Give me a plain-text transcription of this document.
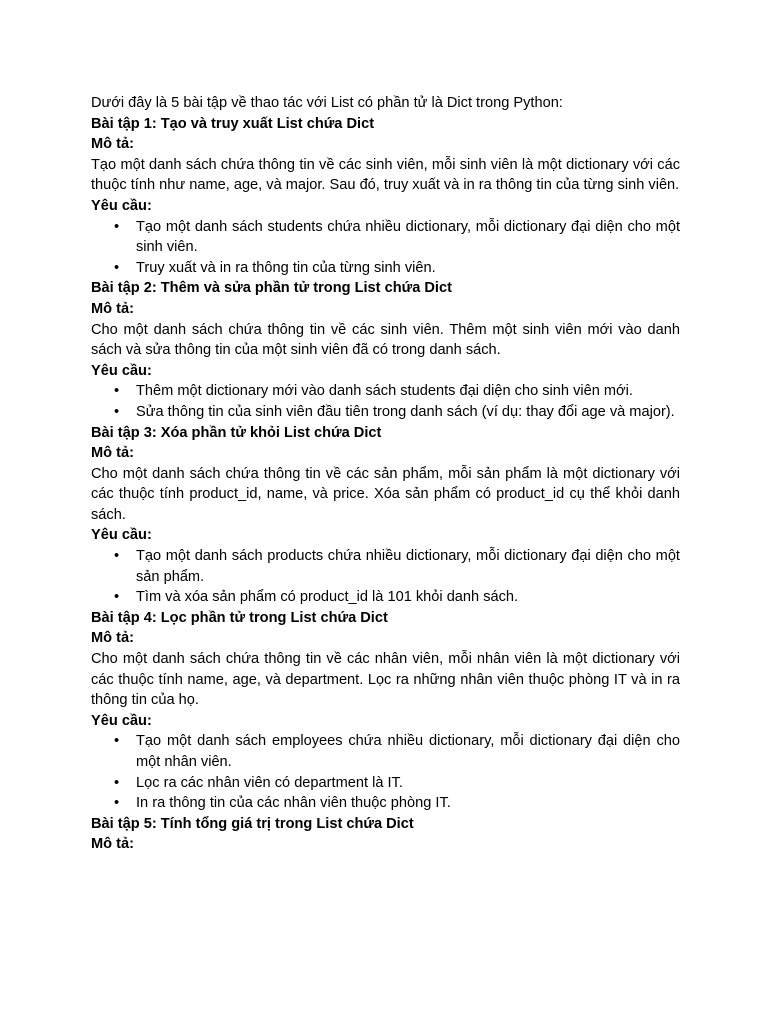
Dưới đây là 5 bài tập về thao tác với List có phần tử là Dict trong Python:

Bài tập 1: Tạo và truy xuất List chứa Dict

Mô tả:

Tạo một danh sách chứa thông tin về các sinh viên, mỗi sinh viên là một dictionary với các thuộc tính như name, age, và major. Sau đó, truy xuất và in ra thông tin của từng sinh viên.

Yêu cầu:

• Tạo một danh sách students chứa nhiều dictionary, mỗi dictionary đại diện cho một sinh viên.
• Truy xuất và in ra thông tin của từng sinh viên.

Bài tập 2: Thêm và sửa phần tử trong List chứa Dict

Mô tả:

Cho một danh sách chứa thông tin về các sinh viên. Thêm một sinh viên mới vào danh sách và sửa thông tin của một sinh viên đã có trong danh sách.

Yêu cầu:

• Thêm một dictionary mới vào danh sách students đại diện cho sinh viên mới.
• Sửa thông tin của sinh viên đầu tiên trong danh sách (ví dụ: thay đổi age và major).

Bài tập 3: Xóa phần tử khỏi List chứa Dict

Mô tả:

Cho một danh sách chứa thông tin về các sản phẩm, mỗi sản phẩm là một dictionary với các thuộc tính product_id, name, và price. Xóa sản phẩm có product_id cụ thể khỏi danh sách.

Yêu cầu:

• Tạo một danh sách products chứa nhiều dictionary, mỗi dictionary đại diện cho một sản phẩm.
• Tìm và xóa sản phẩm có product_id là 101 khỏi danh sách.

Bài tập 4: Lọc phần tử trong List chứa Dict

Mô tả:

Cho một danh sách chứa thông tin về các nhân viên, mỗi nhân viên là một dictionary với các thuộc tính name, age, và department. Lọc ra những nhân viên thuộc phòng IT và in ra thông tin của họ.

Yêu cầu:

• Tạo một danh sách employees chứa nhiều dictionary, mỗi dictionary đại diện cho một nhân viên.
• Lọc ra các nhân viên có department là IT.
• In ra thông tin của các nhân viên thuộc phòng IT.

Bài tập 5: Tính tổng giá trị trong List chứa Dict

Mô tả:
